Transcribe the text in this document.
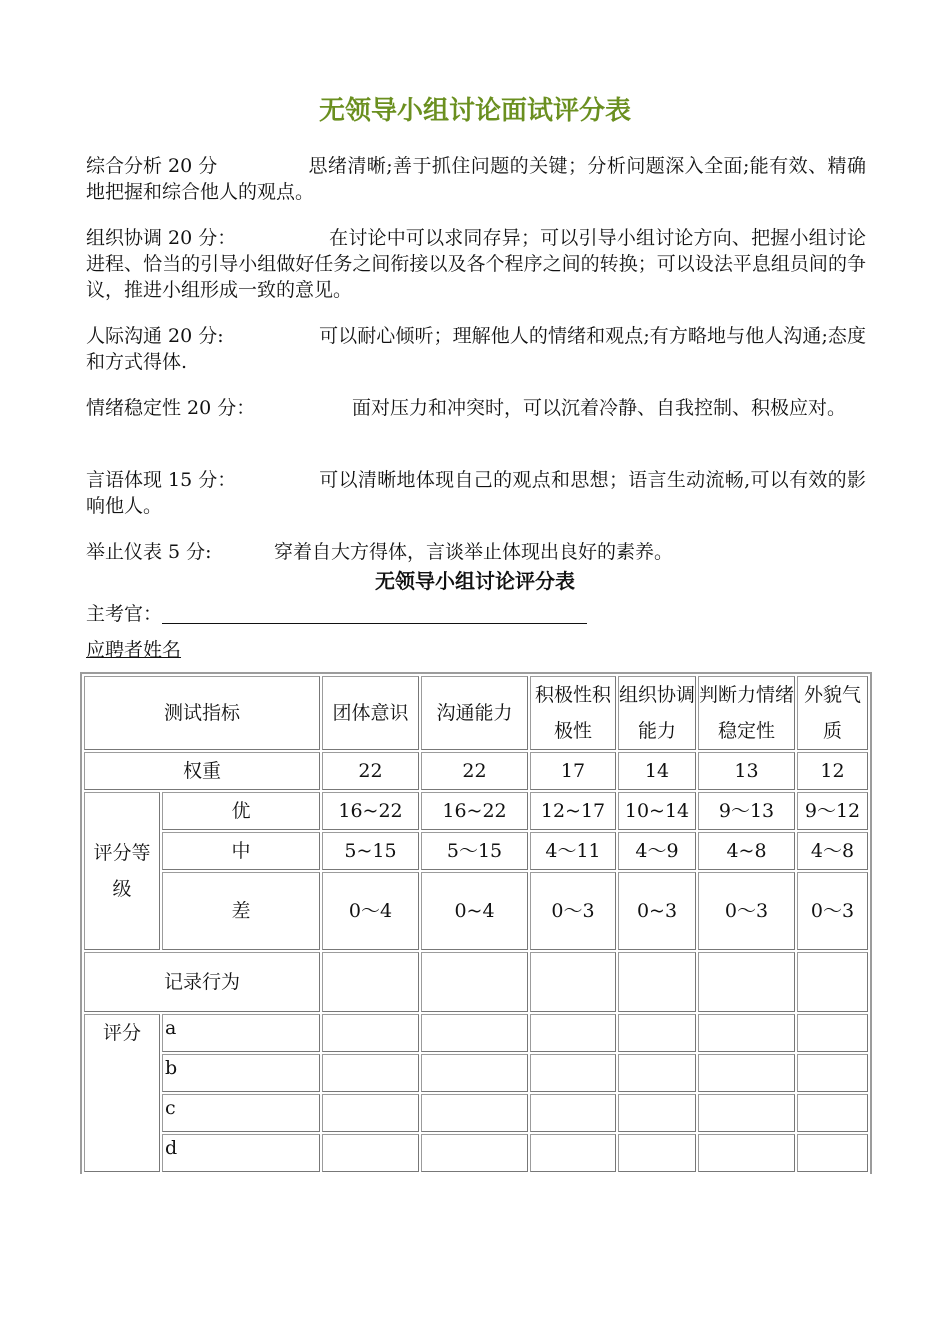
无领导小组讨论面试评分表
综合分析 20 分	思绪清晰;善于抓住问题的关键；分析问题深入全面;能有效、精确地把握和综合他人的观点。
组织协调 20 分：	在讨论中可以求同存异；可以引导小组讨论方向、把握小组讨论进程、恰当的引导小组做好任务之间衔接以及各个程序之间的转换；可以设法平息组员间的争议，推进小组形成一致的意见。
人际沟通 20 分:	可以耐心倾听；理解他人的情绪和观点;有方略地与他人沟通;态度和方式得体.
情绪稳定性 20 分：	面对压力和冲突时，可以沉着冷静、自我控制、积极应对。
言语体现 15 分：	可以清晰地体现自己的观点和思想；语言生动流畅,可以有效的影响他人。
举止仪表 5 分:	穿着自大方得体，言谈举止体现出良好的素养。
无领导小组讨论评分表
主考官：
应聘者姓名
测试指标		团体意识	沟通能力	积极性积极性	组织协调能力	判断力情绪稳定性	外貌气质
权重		22	22	17	14	13	12
评分等级	优	16~22	16~22	12~17	10~14	9～13	9～12
	中	5~15	5～15	4～11	4～9	4~8	4～8
	差	0～4	0~4	0～3	0~3	0～3	0～3
记录行为							
评分	a						
	b						
	c						
	d						
